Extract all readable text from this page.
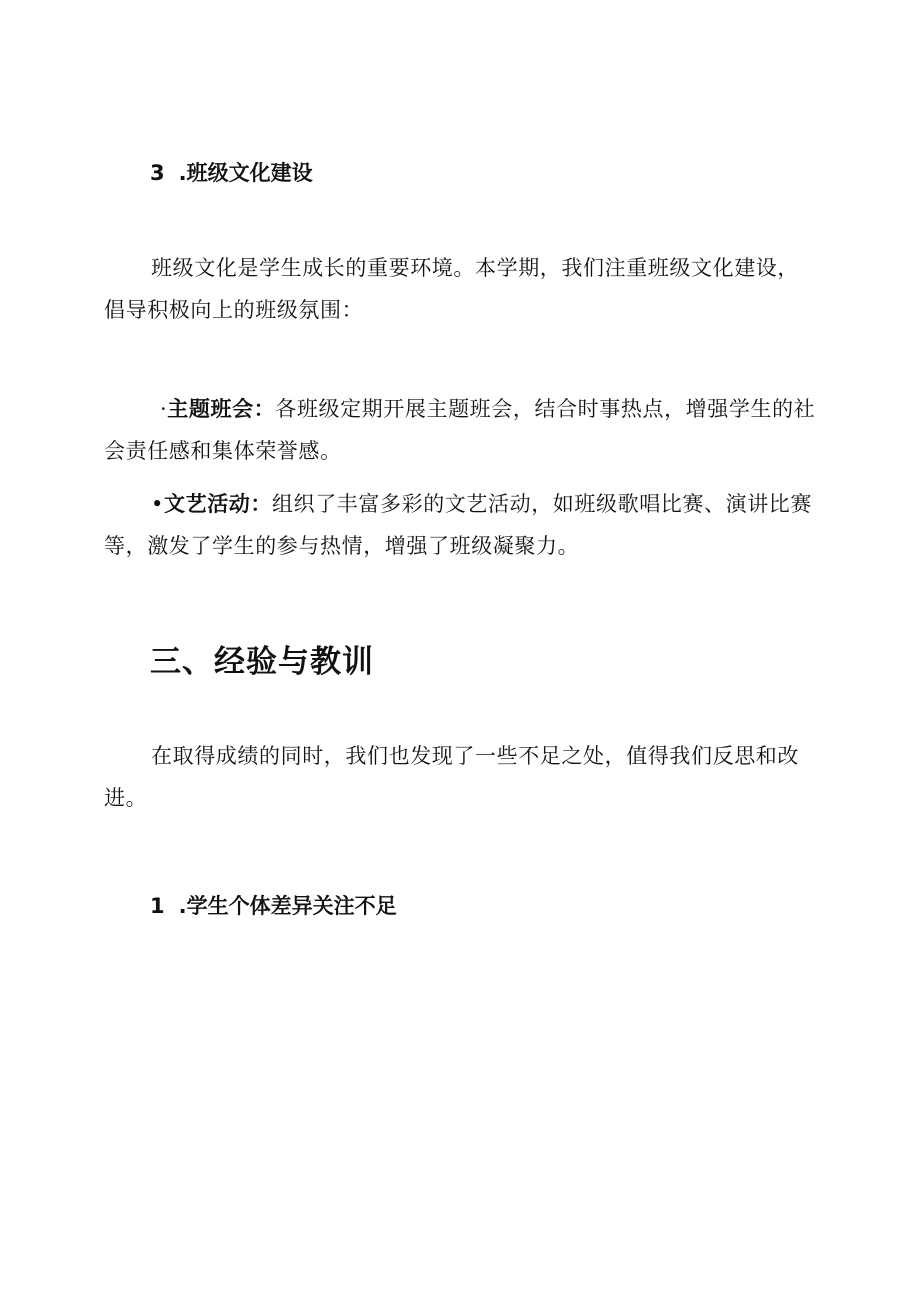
3 .班级文化建设

班级文化是学生成长的重要环境。本学期，我们注重班级文化建设，倡导积极向上的班级氛围：

·主题班会：各班级定期开展主题班会，结合时事热点，增强学生的社会责任感和集体荣誉感。

•文艺活动：组织了丰富多彩的文艺活动，如班级歌唱比赛、演讲比赛等，激发了学生的参与热情，增强了班级凝聚力。

三、经验与教训

在取得成绩的同时，我们也发现了一些不足之处，值得我们反思和改进。

1 .学生个体差异关注不足
